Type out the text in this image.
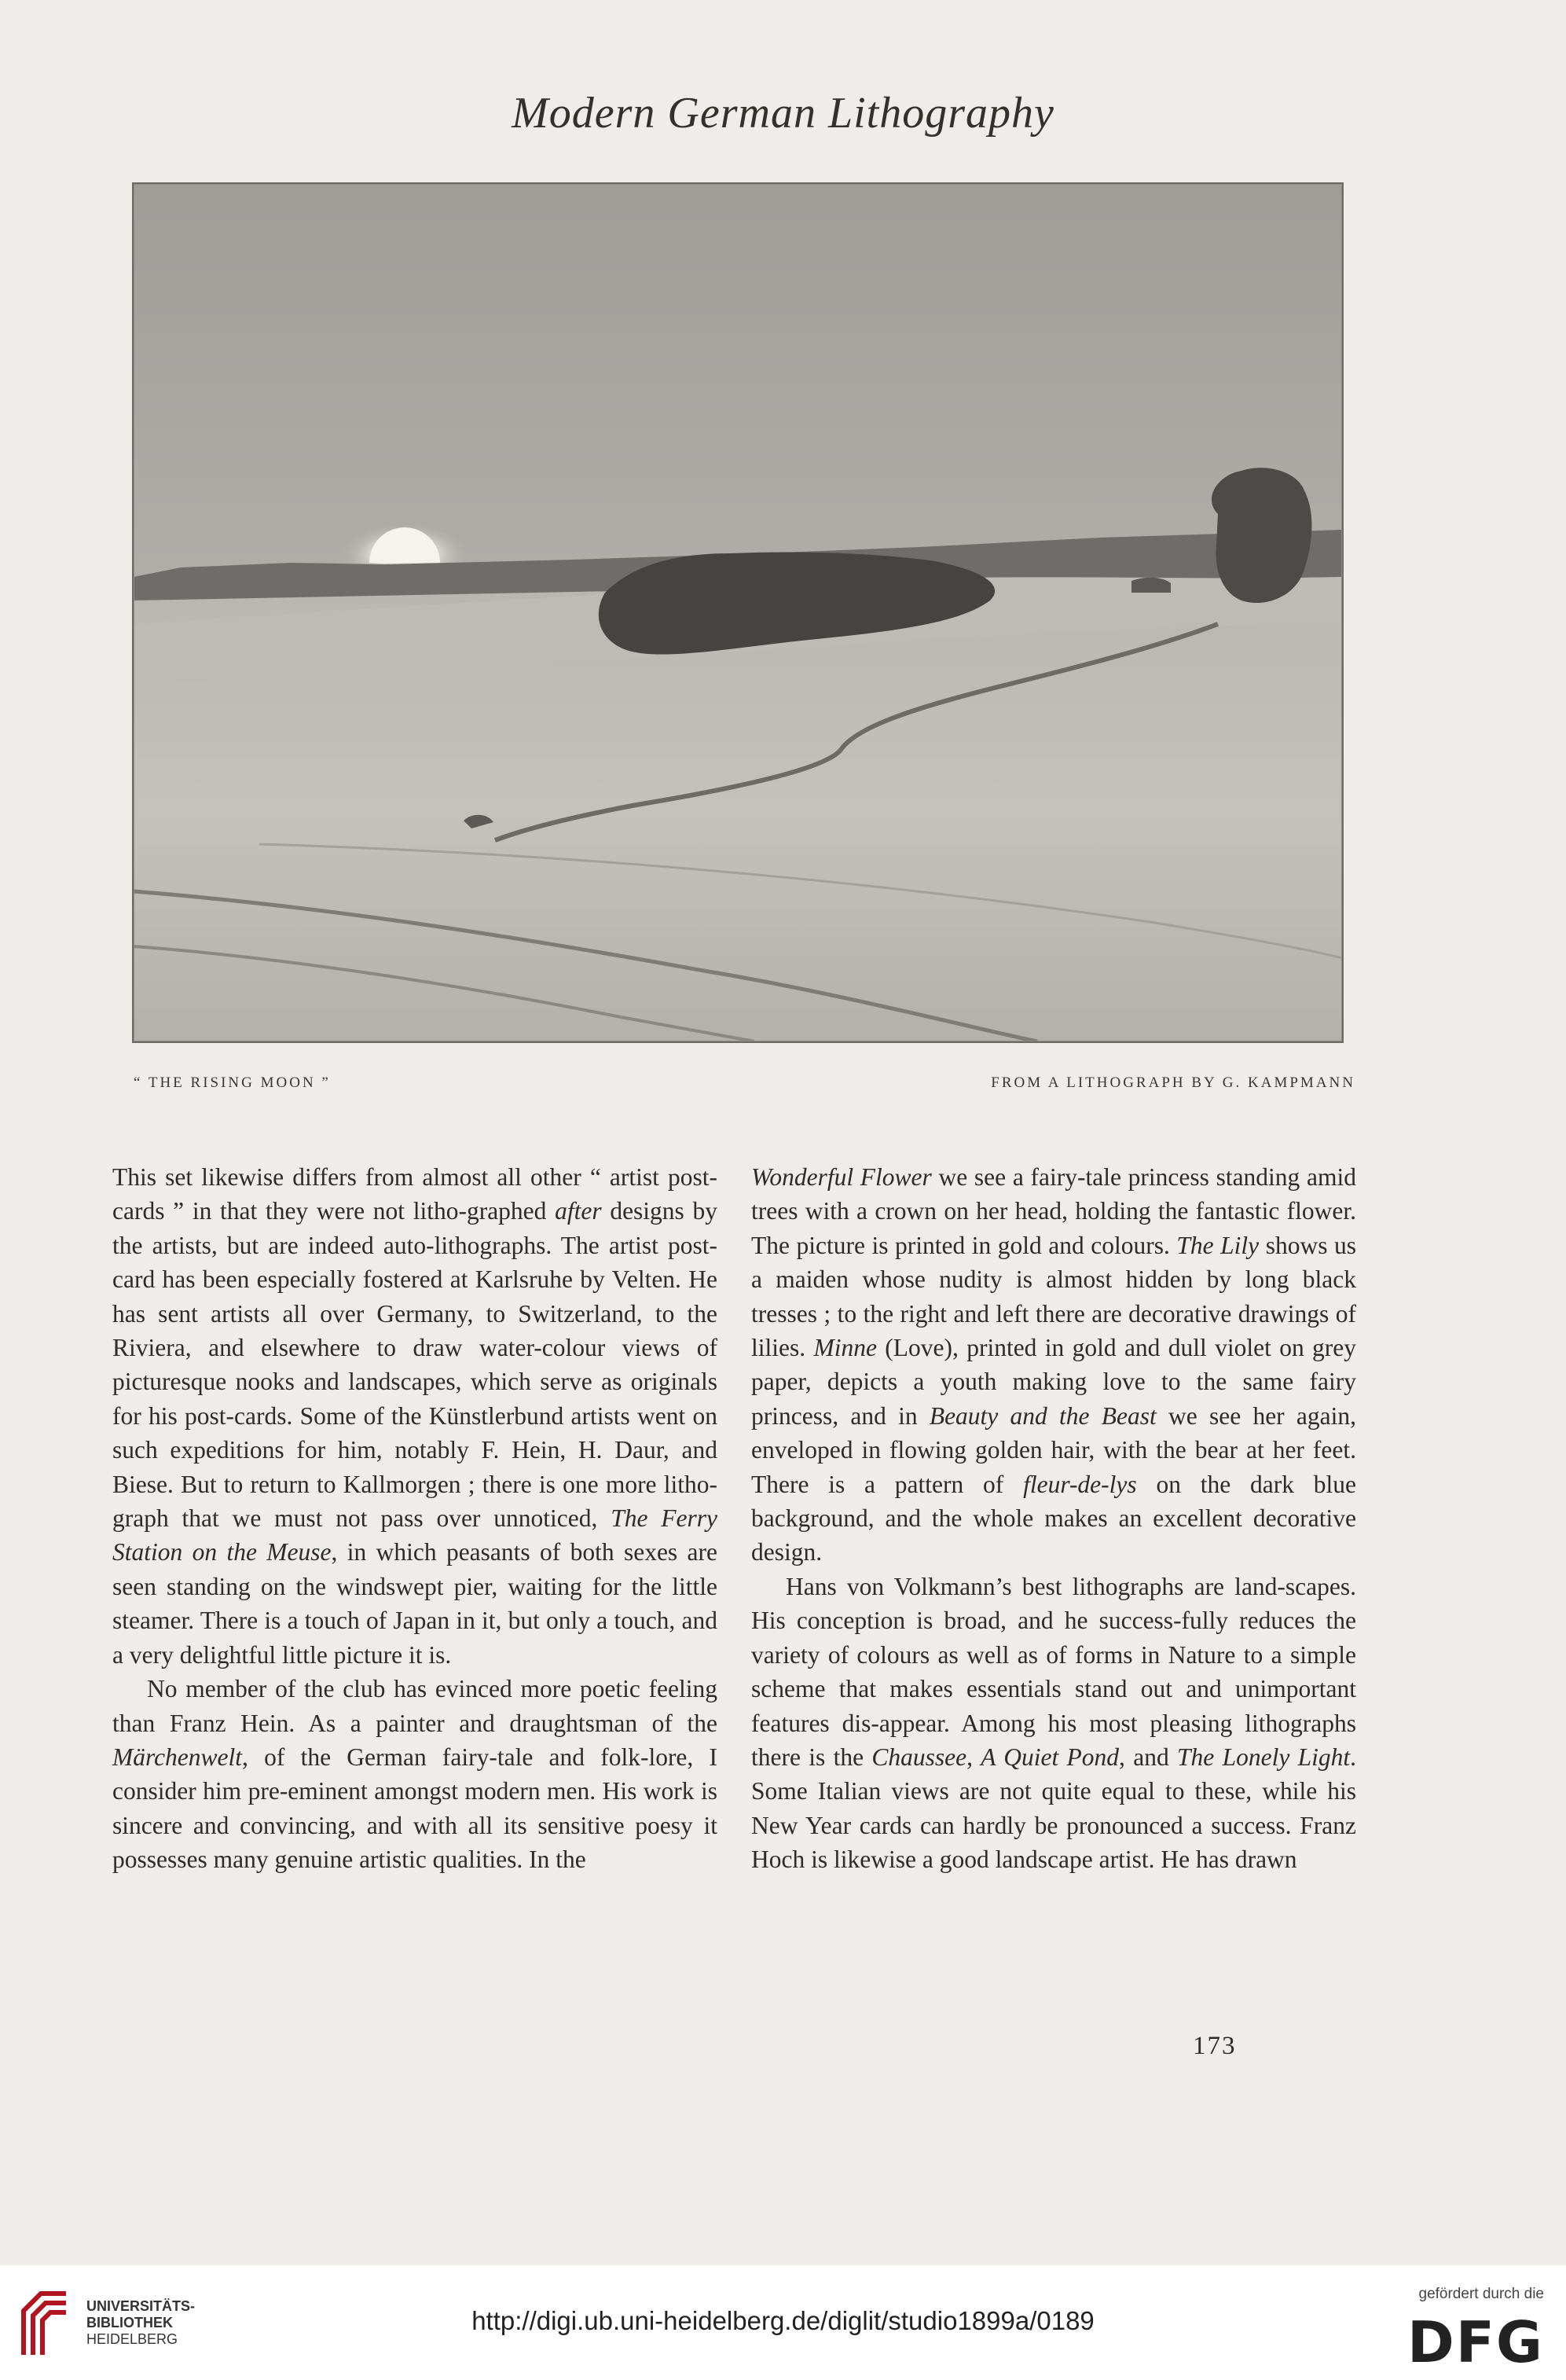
Modern German Lithography
“ THE RISING MOON ”	FROM A LITHOGRAPH BY G. KAMPMANN

This set likewise differs from almost all other “ artist post-cards ” in that they were not litho-graphed after designs by the artists, but are indeed auto-lithographs. The artist post-card has been especially fostered at Karlsruhe by Velten. He has sent artists all over Germany, to Switzerland, to the Riviera, and elsewhere to draw water-colour views of picturesque nooks and landscapes, which serve as originals for his post-cards. Some of the Künstlerbund artists went on such expeditions for him, notably F. Hein, H. Daur, and Biese. But to return to Kallmorgen ; there is one more litho-graph that we must not pass over unnoticed, The Ferry Station on the Meuse, in which peasants of both sexes are seen standing on the windswept pier, waiting for the little steamer. There is a touch of Japan in it, but only a touch, and a very delightful little picture it is.

No member of the club has evinced more poetic feeling than Franz Hein. As a painter and draughtsman of the Märchenwelt, of the German fairy-tale and folk-lore, I consider him pre-eminent amongst modern men. His work is sincere and convincing, and with all its sensitive poesy it possesses many genuine artistic qualities. In the

Wonderful Flower we see a fairy-tale princess standing amid trees with a crown on her head, holding the fantastic flower. The picture is printed in gold and colours. The Lily shows us a maiden whose nudity is almost hidden by long black tresses ; to the right and left there are decorative drawings of lilies. Minne (Love), printed in gold and dull violet on grey paper, depicts a youth making love to the same fairy princess, and in Beauty and the Beast we see her again, enveloped in flowing golden hair, with the bear at her feet. There is a pattern of fleur-de-lys on the dark blue background, and the whole makes an excellent decorative design.

Hans von Volkmann’s best lithographs are land-scapes. His conception is broad, and he success-fully reduces the variety of colours as well as of forms in Nature to a simple scheme that makes essentials stand out and unimportant features dis-appear. Among his most pleasing lithographs there is the Chaussee, A Quiet Pond, and The Lonely Light. Some Italian views are not quite equal to these, while his New Year cards can hardly be pronounced a success. Franz Hoch is likewise a good landscape artist. He has drawn

173
UNIVERSITÄTS-
BIBLIOTHEK
HEIDELBERG
http://digi.ub.uni-heidelberg.de/diglit/studio1899a/0189
gefördert durch die
DFG
